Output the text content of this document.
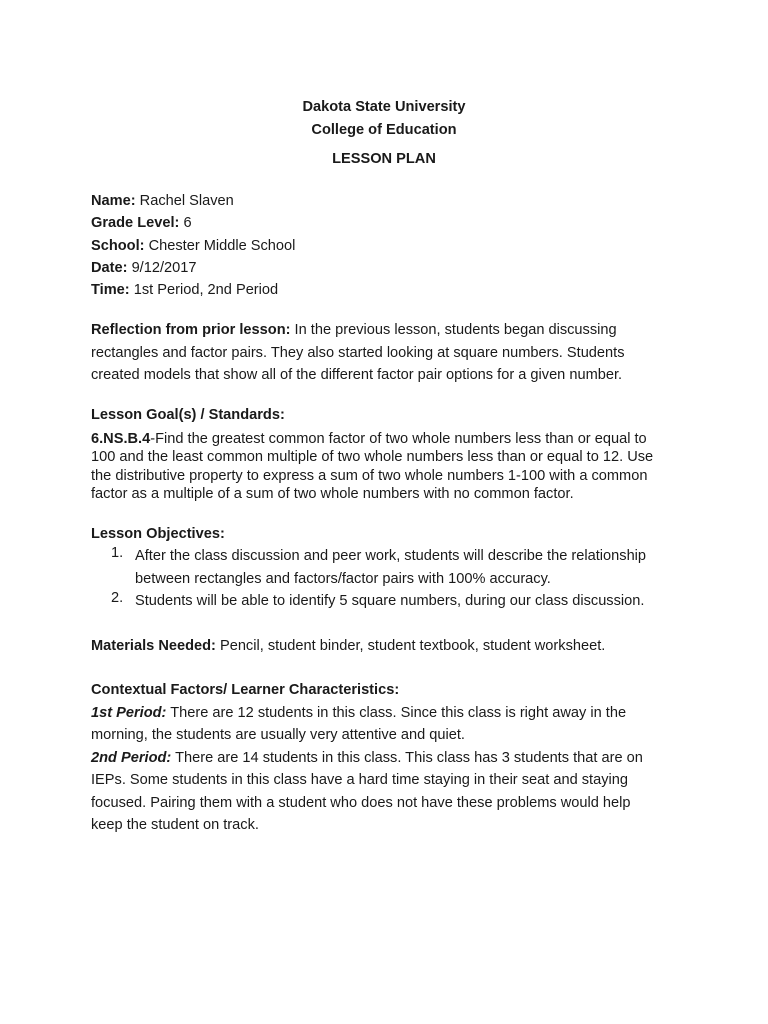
Dakota State University
College of Education
LESSON PLAN
Name: Rachel Slaven
Grade Level: 6
School: Chester Middle School
Date: 9/12/2017
Time: 1st Period, 2nd Period
Reflection from prior lesson: In the previous lesson, students began discussing
rectangles and factor pairs. They also started looking at square numbers. Students
created models that show all of the different factor pair options for a given number.
Lesson Goal(s) / Standards:
6.NS.B.4-Find the greatest common factor of two whole numbers less than or equal to
100 and the least common multiple of two whole numbers less than or equal to 12. Use
the distributive property to express a sum of two whole numbers 1-100 with a common
factor as a multiple of a sum of two whole numbers with no common factor.
Lesson Objectives:
1. After the class discussion and peer work, students will describe the relationship
between rectangles and factors/factor pairs with 100% accuracy.
2. Students will be able to identify 5 square numbers, during our class discussion.
Materials Needed: Pencil, student binder, student textbook, student worksheet.
Contextual Factors/ Learner Characteristics:
1st Period: There are 12 students in this class. Since this class is right away in the
morning, the students are usually very attentive and quiet.
2nd Period: There are 14 students in this class. This class has 3 students that are on
IEPs. Some students in this class have a hard time staying in their seat and staying
focused. Pairing them with a student who does not have these problems would help
keep the student on track.
